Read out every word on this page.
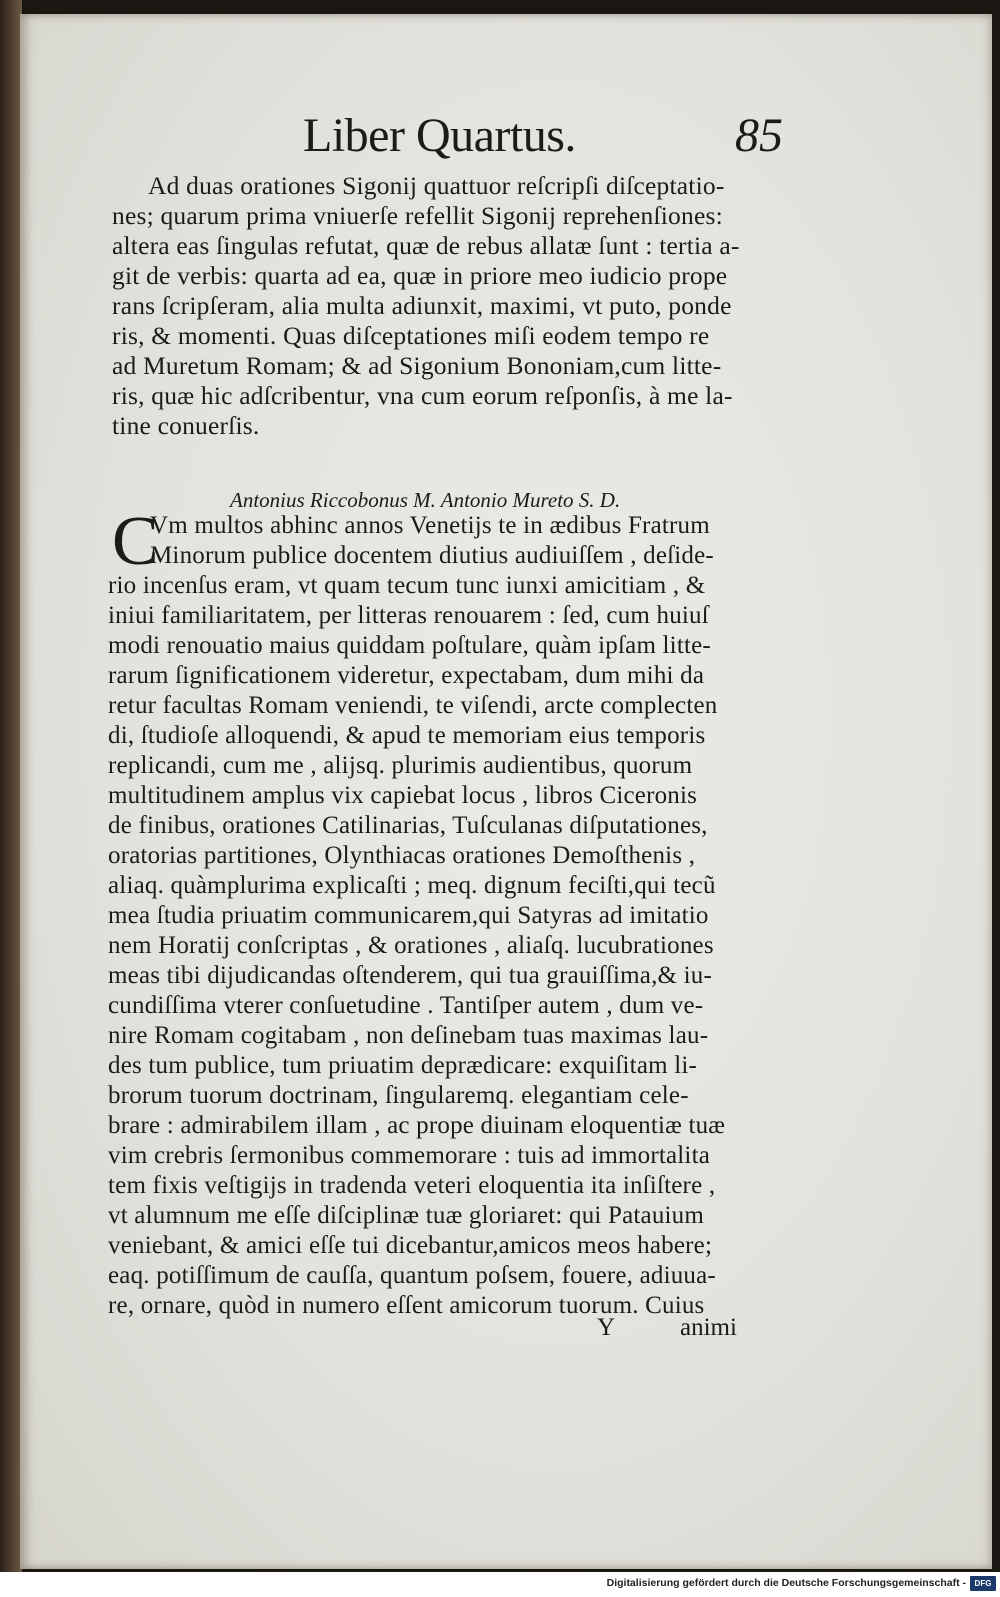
Liber Quartus.	85
Ad duas orationes Sigonij quattuor reſcripſi diſceptatio-
nes; quarum prima vniuerſe refellit Sigonij reprehenſiones:
altera eas ſingulas refutat, quæ de rebus allatæ ſunt : tertia a-
git de verbis: quarta ad ea, quæ in priore meo iudicio prope
rans ſcripſeram, alia multa adiunxit, maximi, vt puto, ponde
ris, & momenti. Quas diſceptationes miſi eodem tempo re
ad Muretum Romam; & ad Sigonium Bononiam,cum litte-
ris, quæ hic adſcribentur, vna cum eorum reſponſis, à me la-
tine conuerſis.
Antonius Riccobonus M. Antonio Mureto S. D.
C
Vm multos abhinc annos Venetijs te in ædibus Fratrum
Minorum publice docentem diutius audiuiſſem , deſide-
rio incenſus eram, vt quam tecum tunc iunxi amicitiam , &
iniui familiaritatem, per litteras renouarem : ſed, cum huiuſ
modi renouatio maius quiddam poſtulare, quàm ipſam litte-
rarum ſignificationem videretur, expectabam, dum mihi da
retur facultas Romam veniendi, te viſendi, arcte complecten
di, ſtudioſe alloquendi, & apud te memoriam eius temporis
replicandi, cum me , alijsq. plurimis audientibus, quorum
multitudinem amplus vix capiebat locus , libros Ciceronis
de finibus, orationes Catilinarias, Tuſculanas diſputationes,
oratorias partitiones, Olynthiacas orationes Demoſthenis ,
aliaq. quàmplurima explicaſti ; meq. dignum feciſti,qui tecũ
mea ſtudia priuatim communicarem,qui Satyras ad imitatio
nem Horatij conſcriptas , & orationes , aliaſq. lucubrationes
meas tibi dijudicandas oſtenderem, qui tua grauiſſima,& iu-
cundiſſima vterer conſuetudine . Tantiſper autem , dum ve-
nire Romam cogitabam , non deſinebam tuas maximas lau-
des tum publice, tum priuatim deprædicare: exquiſitam li-
brorum tuorum doctrinam, ſingularemq. elegantiam cele-
brare : admirabilem illam , ac prope diuinam eloquentiæ tuæ
vim crebris ſermonibus commemorare : tuis ad immortalita
tem fixis veſtigijs in tradenda veteri eloquentia ita inſiſtere ,
vt alumnum me eſſe diſciplinæ tuæ gloriaret: qui Patauium
veniebant, & amici eſſe tui dicebantur,amicos meos habere;
eaq. potiſſimum de cauſſa, quantum poſsem, fouere, adiuua-
re, ornare, quòd in numero eſſent amicorum tuorum. Cuius
Y	animi
Digitalisierung gefördert durch die Deutsche Forschungsgemeinschaft -	DFG
